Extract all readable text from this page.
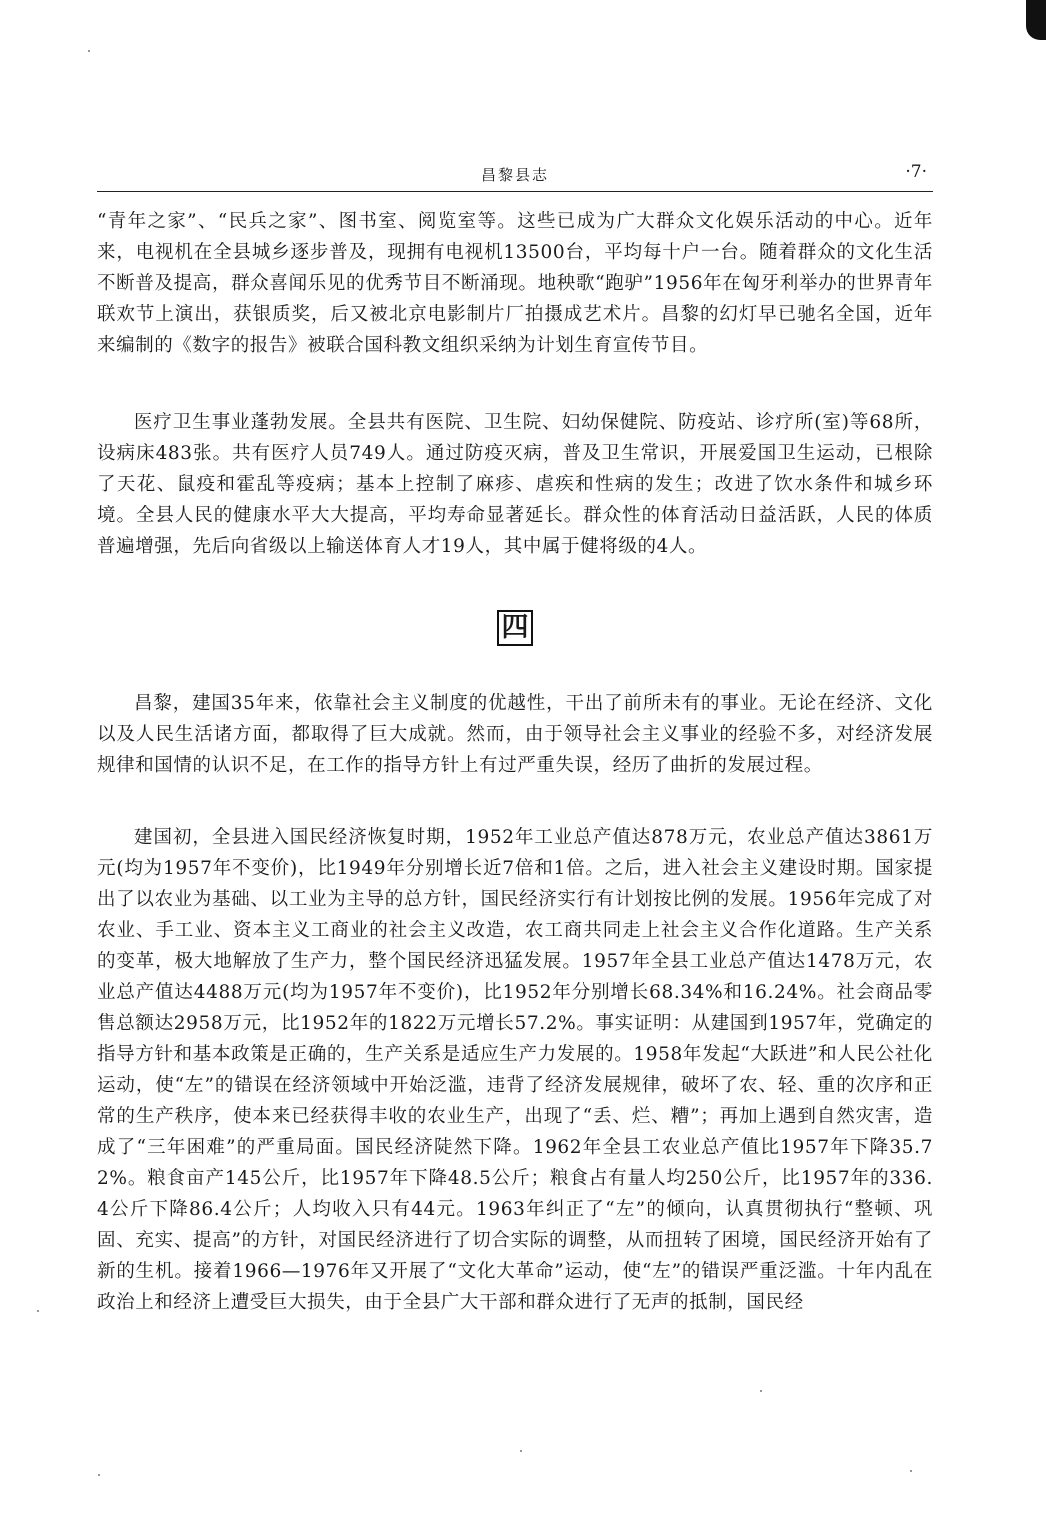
昌黎县志	·7·

“青年之家”、“民兵之家”、图书室、阅览室等。这些已成为广大群众文化娱乐活动的中心。近年来，电视机在全县城乡逐步普及，现拥有电视机13500台，平均每十户一台。随着群众的文化生活不断普及提高，群众喜闻乐见的优秀节目不断涌现。地秧歌“跑驴”1956年在匈牙利举办的世界青年联欢节上演出，获银质奖，后又被北京电影制片厂拍摄成艺术片。昌黎的幻灯早已驰名全国，近年来编制的《数字的报告》被联合国科教文组织采纳为计划生育宣传节目。

医疗卫生事业蓬勃发展。全县共有医院、卫生院、妇幼保健院、防疫站、诊疗所(室)等68所，设病床483张。共有医疗人员749人。通过防疫灭病，普及卫生常识，开展爱国卫生运动，已根除了天花、鼠疫和霍乱等疫病；基本上控制了麻疹、虐疾和性病的发生；改进了饮水条件和城乡环境。全县人民的健康水平大大提高，平均寿命显著延长。群众性的体育活动日益活跃，人民的体质普遍增强，先后向省级以上输送体育人才19人，其中属于健将级的4人。

四

昌黎，建国35年来，依靠社会主义制度的优越性，干出了前所未有的事业。无论在经济、文化以及人民生活诸方面，都取得了巨大成就。然而，由于领导社会主义事业的经验不多，对经济发展规律和国情的认识不足，在工作的指导方针上有过严重失误，经历了曲折的发展过程。

建国初，全县进入国民经济恢复时期，1952年工业总产值达878万元，农业总产值达3861万元(均为1957年不变价)，比1949年分别增长近7倍和1倍。之后，进入社会主义建设时期。国家提出了以农业为基础、以工业为主导的总方针，国民经济实行有计划按比例的发展。1956年完成了对农业、手工业、资本主义工商业的社会主义改造，农工商共同走上社会主义合作化道路。生产关系的变革，极大地解放了生产力，整个国民经济迅猛发展。1957年全县工业总产值达1478万元，农业总产值达4488万元(均为1957年不变价)，比1952年分别增长68.34%和16.24%。社会商品零售总额达2958万元，比1952年的1822万元增长57.2%。事实证明：从建国到1957年，党确定的指导方针和基本政策是正确的，生产关系是适应生产力发展的。1958年发起“大跃进”和人民公社化运动，使“左”的错误在经济领域中开始泛滥，违背了经济发展规律，破坏了农、轻、重的次序和正常的生产秩序，使本来已经获得丰收的农业生产，出现了“丢、烂、糟”；再加上遇到自然灾害，造成了“三年困难”的严重局面。国民经济陡然下降。1962年全县工农业总产值比1957年下降35.72%。粮食亩产145公斤，比1957年下降48.5公斤；粮食占有量人均250公斤，比1957年的336.4公斤下降86.4公斤；人均收入只有44元。1963年纠正了“左”的倾向，认真贯彻执行“整顿、巩固、充实、提高”的方针，对国民经济进行了切合实际的调整，从而扭转了困境，国民经济开始有了新的生机。接着1966—1976年又开展了“文化大革命”运动，使“左”的错误严重泛滥。十年内乱在政治上和经济上遭受巨大损失，由于全县广大干部和群众进行了无声的抵制，国民经
